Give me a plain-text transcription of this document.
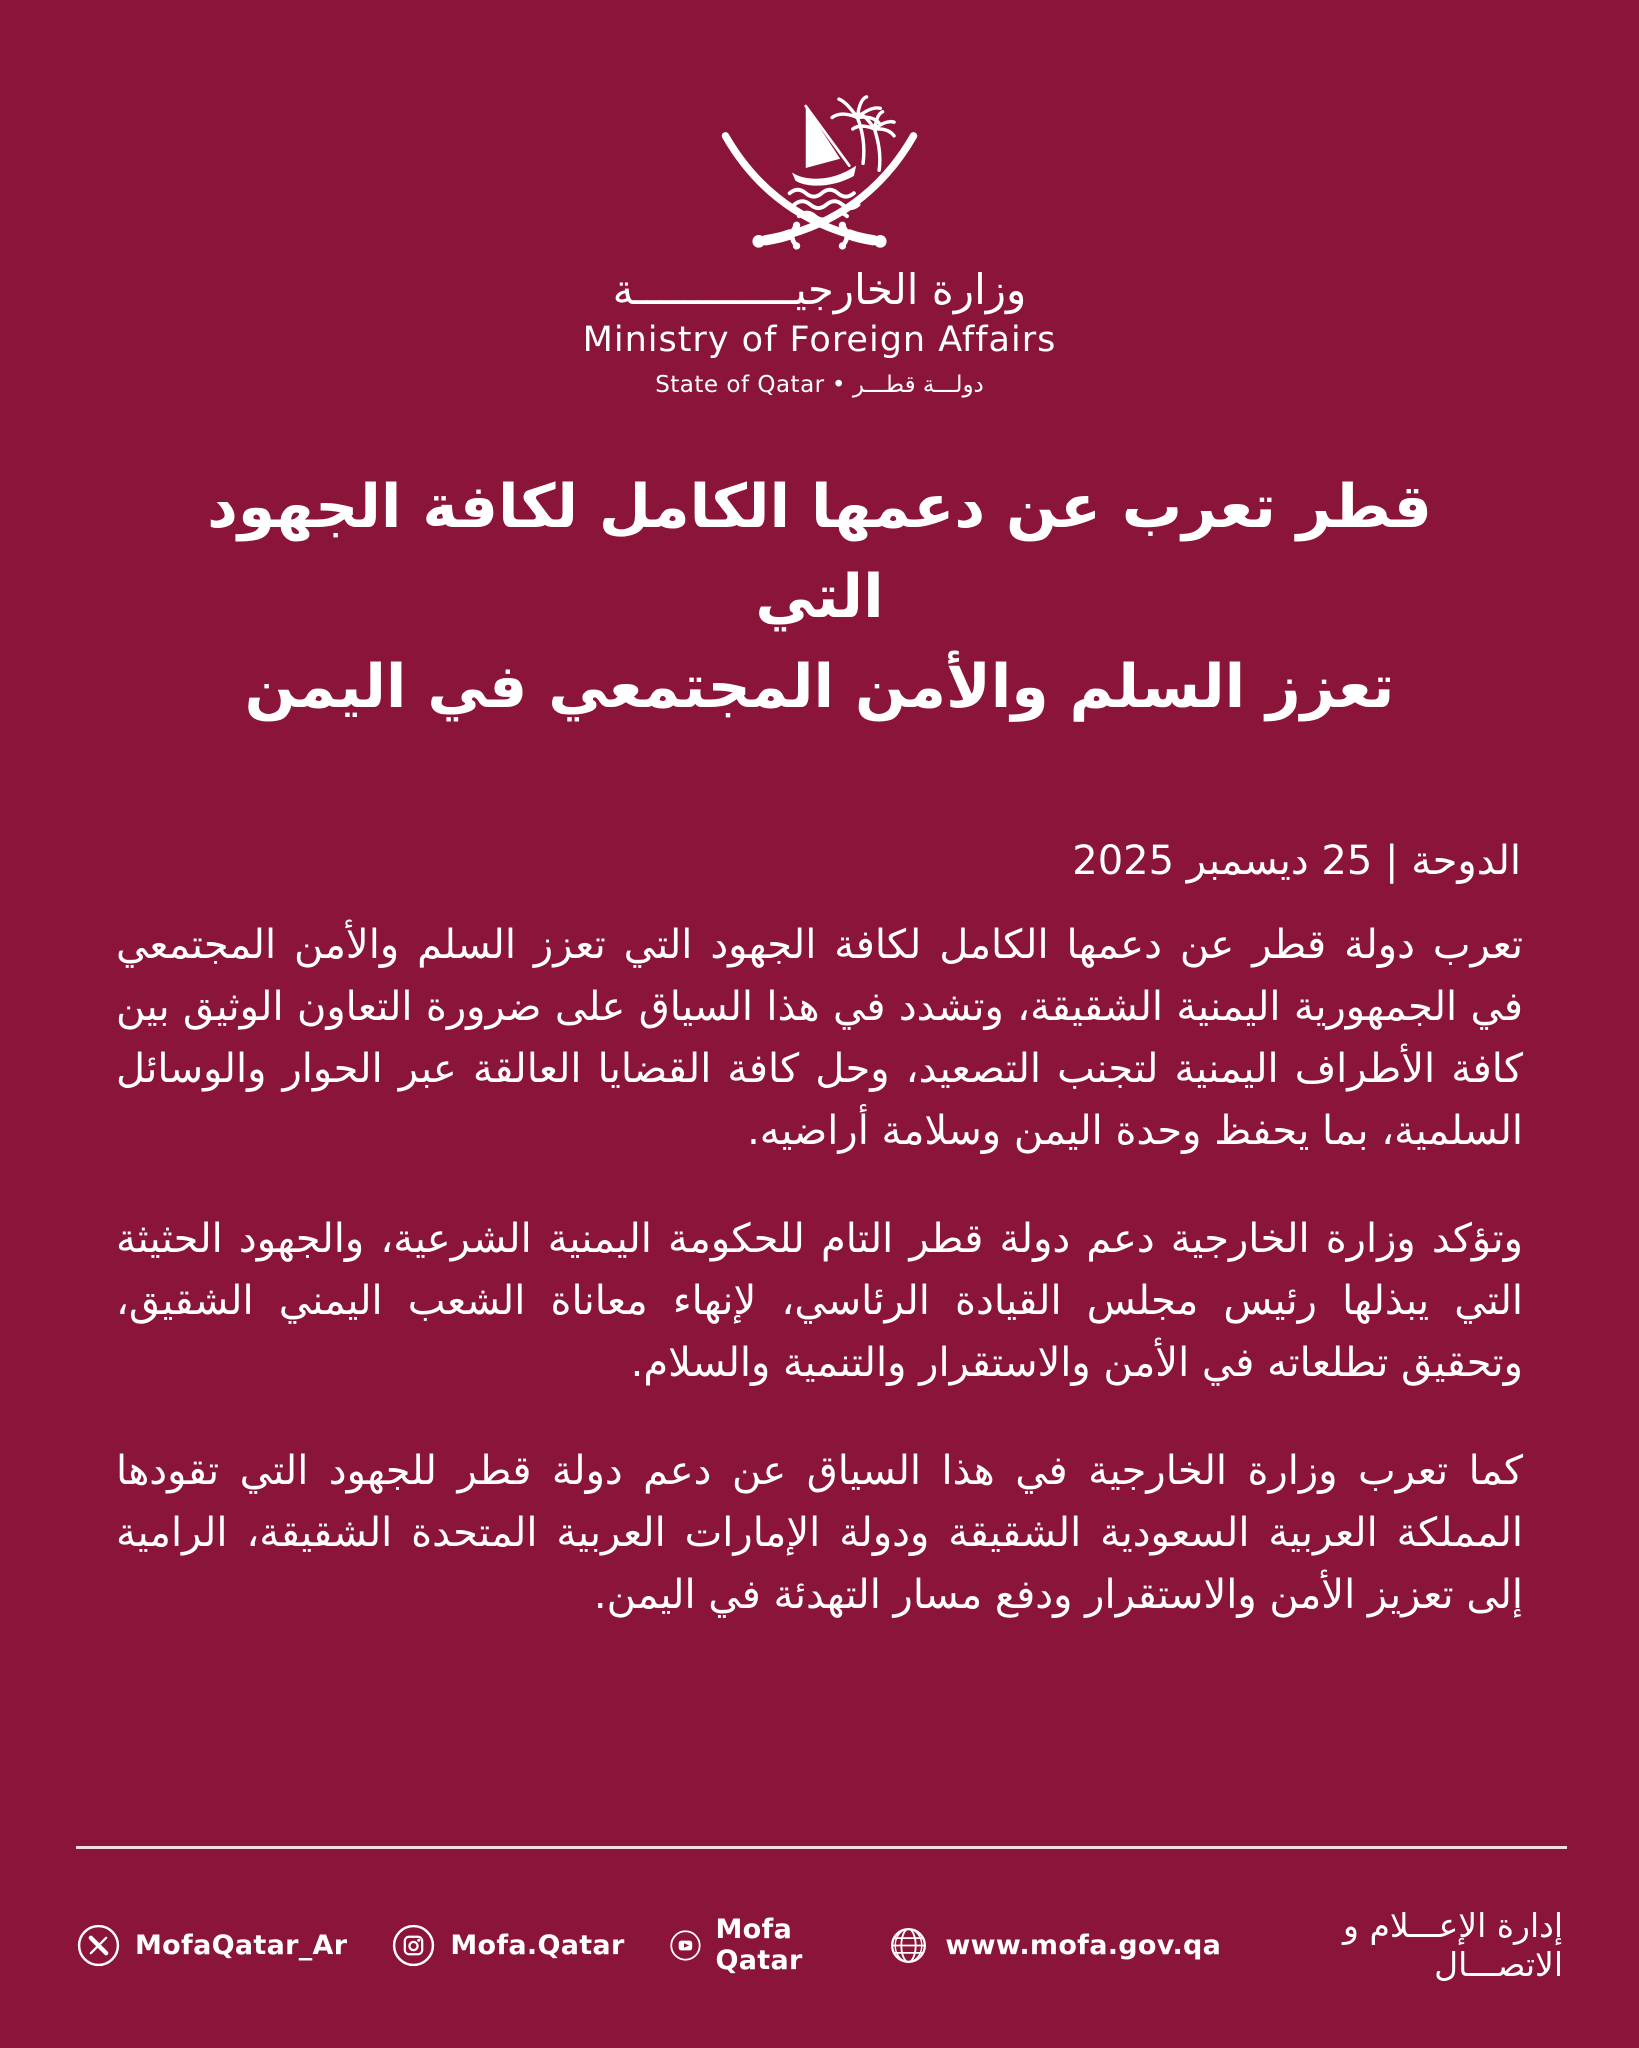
وزارة الخارجيـــــــــــــة
Ministry of Foreign Affairs
دولـــة قطـــر • State of Qatar
قطر تعرب عن دعمها الكامل لكافة الجهود التي
تعزز السلم والأمن المجتمعي في اليمن
الدوحة | 25 ديسمبر 2025

تعرب دولة قطر عن دعمها الكامل لكافة الجهود التي تعزز السلم والأمن المجتمعي في الجمهورية اليمنية الشقيقة، وتشدد في هذا السياق على ضرورة التعاون الوثيق بين كافة الأطراف اليمنية لتجنب التصعيد، وحل كافة القضايا العالقة عبر الحوار والوسائل السلمية، بما يحفظ وحدة اليمن وسلامة أراضيه.

وتؤكد وزارة الخارجية دعم دولة قطر التام للحكومة اليمنية الشرعية، والجهود الحثيثة التي يبذلها رئيس مجلس القيادة الرئاسي، لإنهاء معاناة الشعب اليمني الشقيق، وتحقيق تطلعاته في الأمن والاستقرار والتنمية والسلام.

كما تعرب وزارة الخارجية في هذا السياق عن دعم دولة قطر للجهود التي تقودها المملكة العربية السعودية الشقيقة ودولة الإمارات العربية المتحدة الشقيقة، الرامية إلى تعزيز الأمن والاستقرار ودفع مسار التهدئة في اليمن.

MofaQatar_Ar	Mofa.Qatar	Mofa Qatar	www.mofa.gov.qa	إدارة الإعـــلام و الاتصـــال
